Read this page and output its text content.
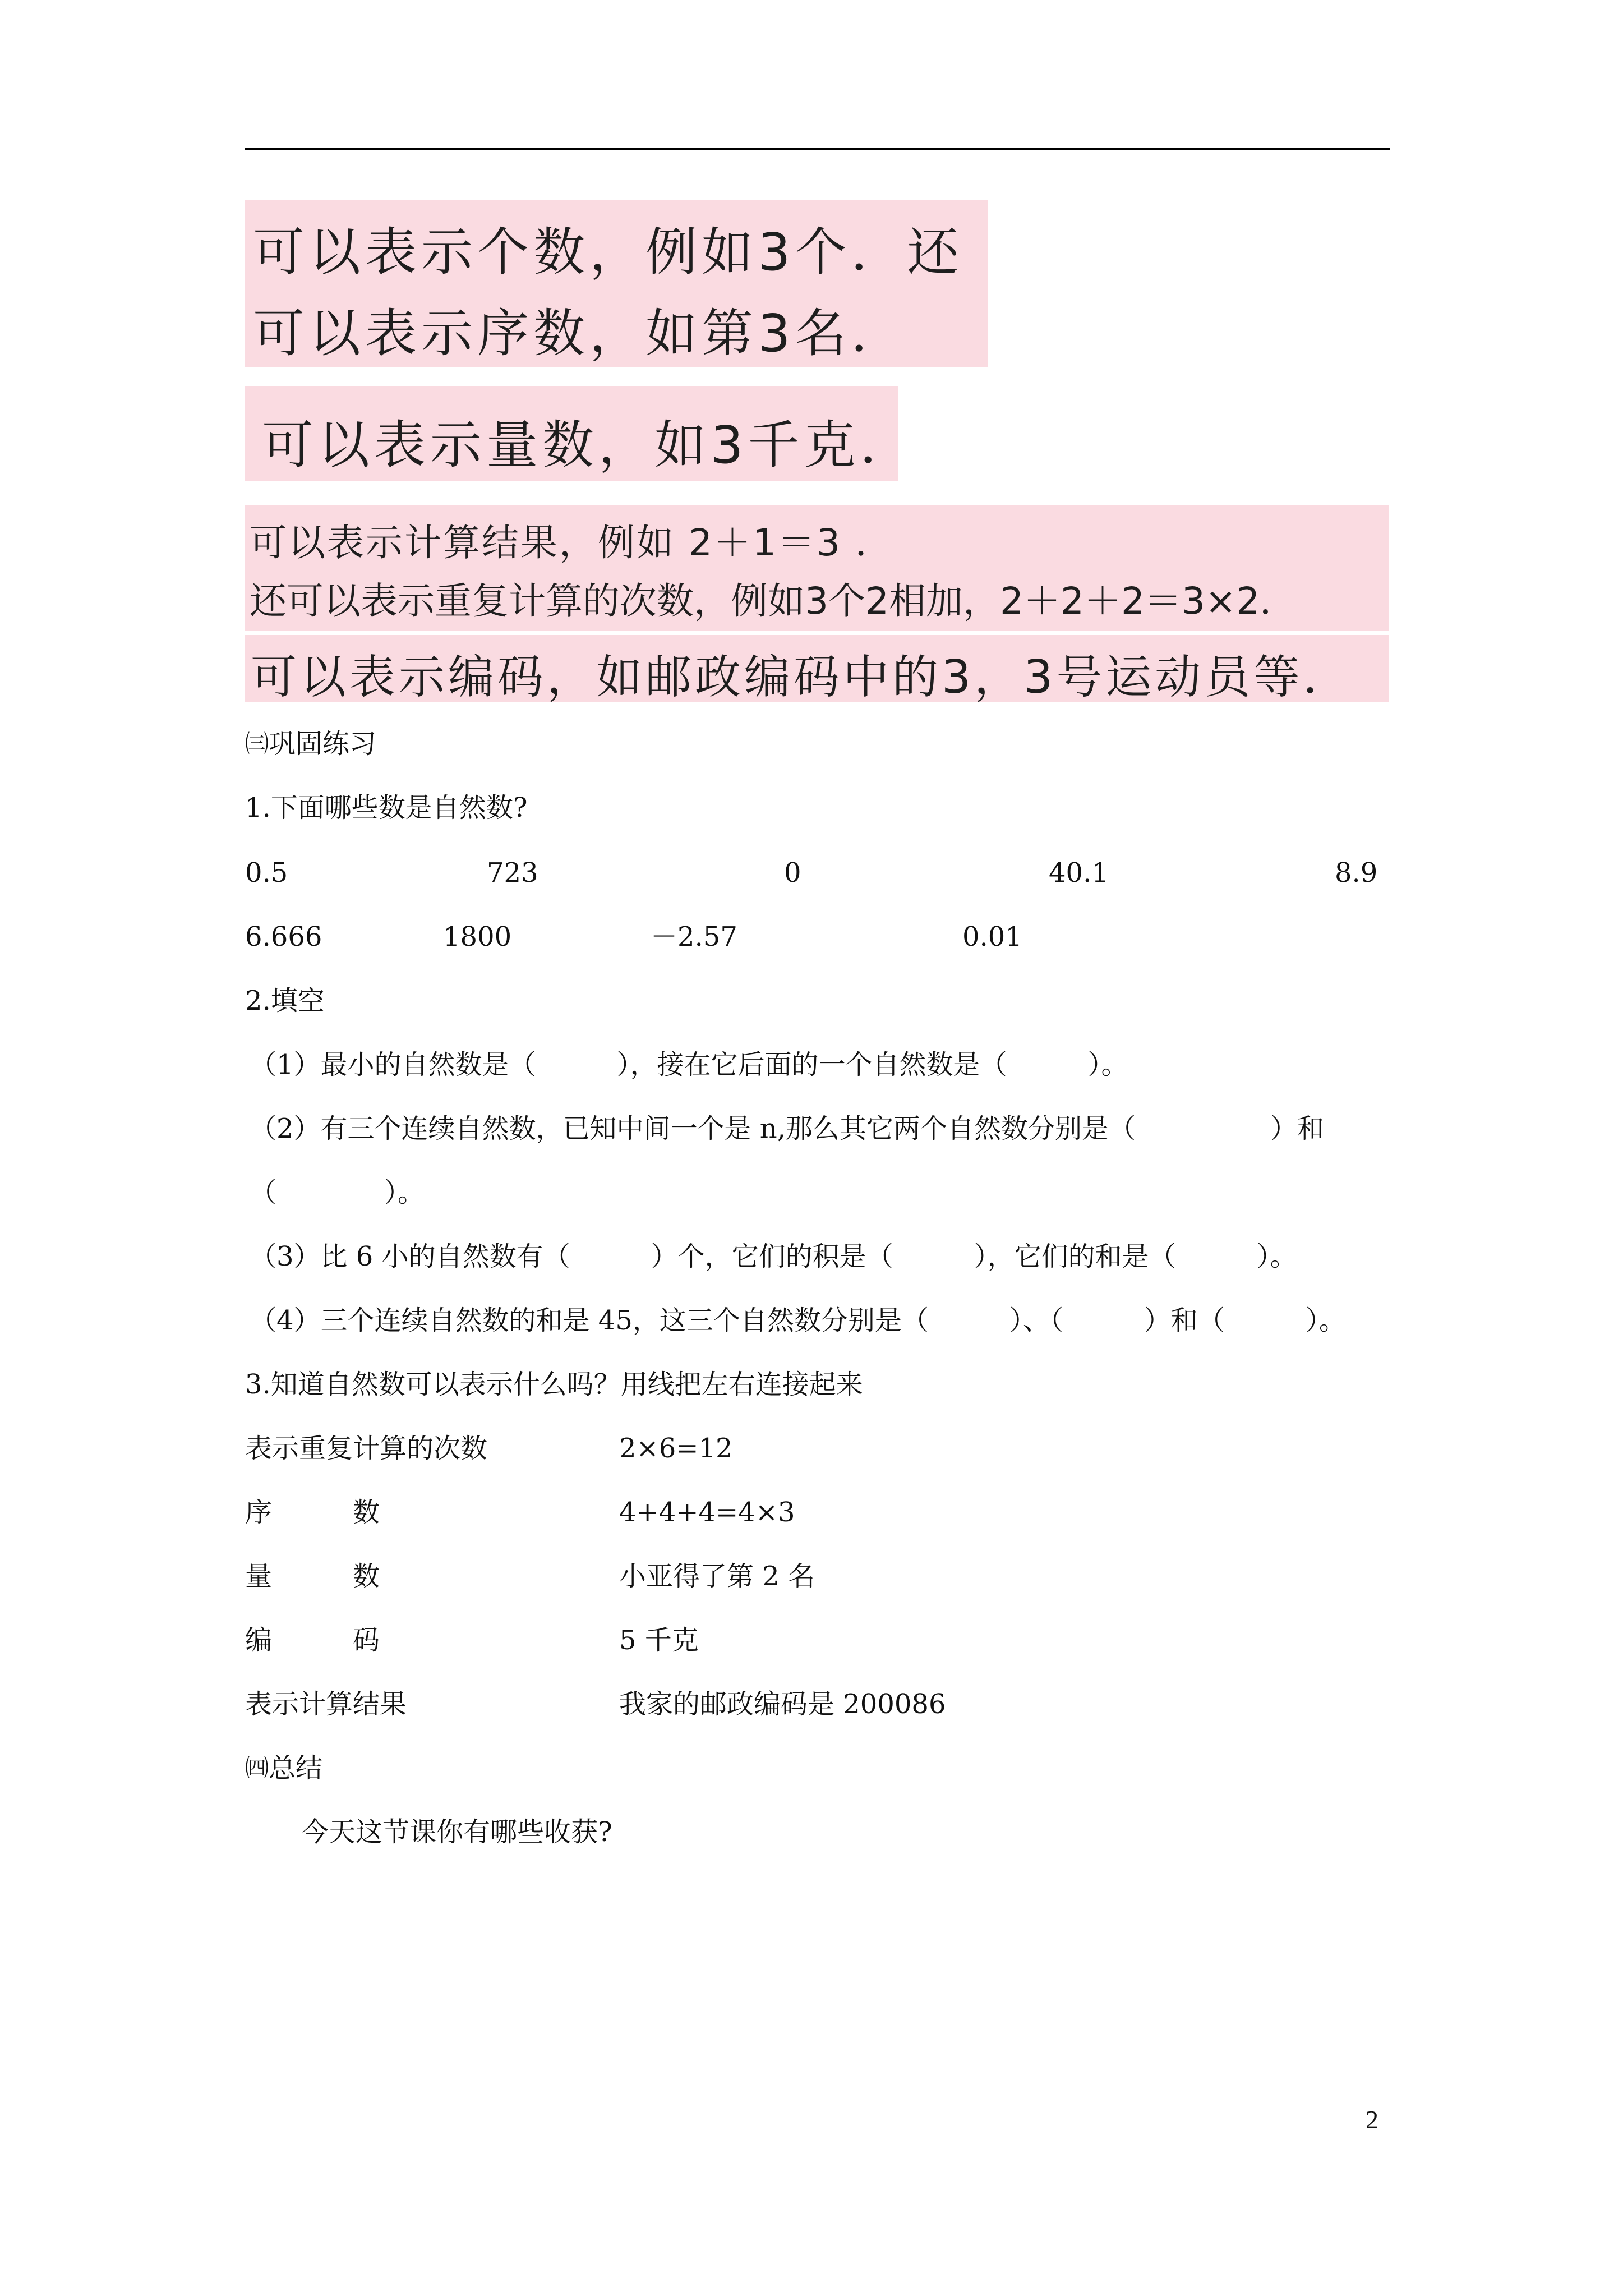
可以表示个数，例如3个．还
可以表示序数，如第3名．
可以表示量数，如3千克．
可以表示计算结果，例如 2＋1＝3 ．
还可以表示重复计算的次数，例如3个2相加，2＋2＋2＝3×2．
可以表示编码，如邮政编码中的3，3号运动员等．
㈢巩固练习
1.下面哪些数是自然数?
0.5	723	0	40.1	8.9
6.666	1800	－2.57	0.01
2.填空
（1）最小的自然数是（　　　），接在它后面的一个自然数是（　　　）。
（2）有三个连续自然数，已知中间一个是 n,那么其它两个自然数分别是（　　　　　）和
（　　　　）。
（3）比 6 小的自然数有（　　　）个，它们的积是（　　　），它们的和是（　　　）。
（4）三个连续自然数的和是 45，这三个自然数分别是（　　　）、（　　　）和（　　　）。
3.知道自然数可以表示什么吗？用线把左右连接起来
表示重复计算的次数	2×6=12
序　　　数	4+4+4=4×3
量　　　数	小亚得了第 2 名
编　　　码	5 千克
表示计算结果	我家的邮政编码是 200086
㈣总结
今天这节课你有哪些收获?
2
